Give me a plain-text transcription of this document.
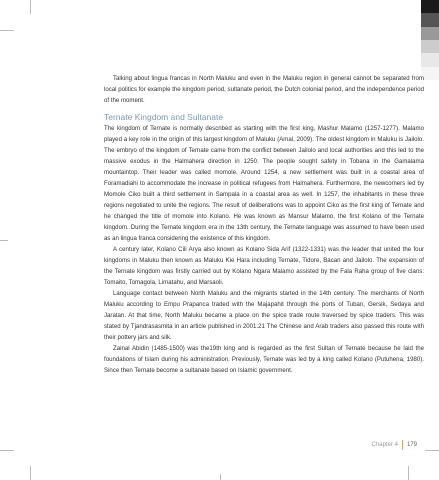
Talking about lingua francas in North Maluku and even in the Maluku region in general cannot be separated from local politics for example the kingdom period, sultanate period, the Dutch colonial period, and the independence period of the moment.

Ternate Kingdom and Sultanate

The kingdom of Ternate is normally described as starting with the first king, Mashur Malamo (1257-1277). Malamo played a key role in the origin of this largest kingdom of Maluku (Amal, 2009). The oldest kingdom in Maluku is Jailolo. The embryo of the kingdom of Ternate came from the conflict between Jailolo and local authorities and this led to the massive exodus in the Halmahera direction in 1250. The people sought safety in Tobana in the Gamalama mountaintop. Their leader was called momole. Around 1254, a new settlement was built in a coastal area of Foramadiahi to accommodate the increase in political refugees from Halmahera. Furthermore, the newcomers led by Momole Ciko built a third settlement in Sampala in a coastal area as well. In 1257, the inhabitants in these three regions negotiated to unite the regions. The result of deliberations was to appoint Ciko as the first king of Ternate and he changed the title of momole into Kolano. He was known as Mansur Malamo, the first Kolano of the Ternate kingdom. During the Ternate kingdom era in the 13th century, the Ternate language was assumed to have been used as an lingua franca considering the existence of this kingdom.

A century later, Kolano Cili Arya also known as Kolano Sida Arif (1322-1331) was the leader that united the four kingdoms in Maluku then known as Maluku Kie Hara including Ternate, Tidore, Bacan and Jailolo. The expansion of the Ternate kingdom was firstly carried out by Kolano Ngara Malamo assisted by the Fala Raha group of five clans: Tomaito, Tomagola, Limatahu, and Marsaoli.

Language contact between North Maluku and the migrants started in the 14th century. The merchants of North Maluku according to Empu Prapanca traded with the Majapahit through the ports of Tuban, Gersik, Sedaya and Jaratan. At that time, North Maluku became a place on the spice trade route traversed by spice traders. This was stated by Tjandrasasmita in an article published in 2001.21 The Chinese and Arab traders also passed this route with their pottery jars and silk.

Zainal Abidin (1485-1500) was the19th king and is regarded as the first Sultan of Ternate because he laid the foundations of Islam during his administration. Previously, Ternate was led by a king called Kolano (Putuhena, 1980). Since then Ternate become a sultanate based on Islamic government.

Chapter 4 179
